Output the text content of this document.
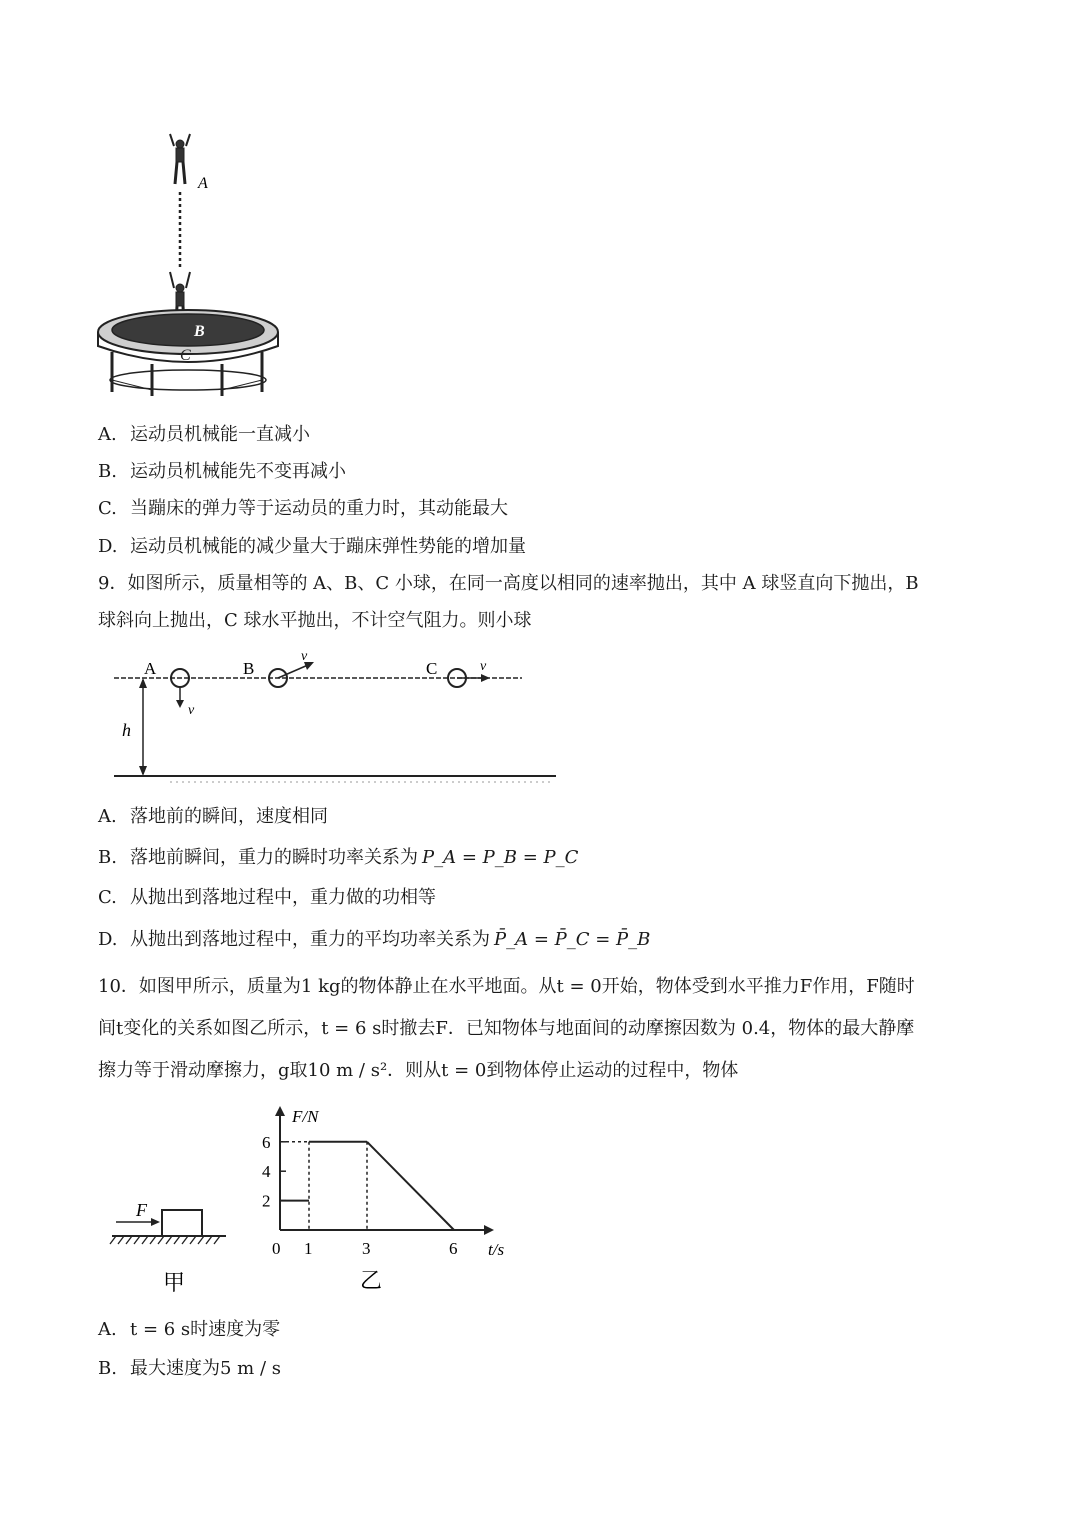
A
B
C
A. 运动员机械能一直减小
B. 运动员机械能先不变再减小
C. 当蹦床的弹力等于运动员的重力时，其动能最大
D. 运动员机械能的减少量大于蹦床弹性势能的增加量
9．如图所示，质量相等的 A、B、C 小球，在同一高度以相同的速率抛出，其中 A 球竖直向下抛出，B
球斜向上抛出，C 球水平抛出，不计空气阻力。则小球
h
A
v
B
v
C	v
A. 落地前的瞬间，速度相同
B. 落地前瞬间，重力的瞬时功率关系为 P_A = P_B = P_C
C. 从抛出到落地过程中，重力做的功相等
D. 从抛出到落地过程中，重力的平均功率关系为 P̄_A = P̄_C = P̄_B
10．如图甲所示，质量为1 kg的物体静止在水平地面。从t = 0开始，物体受到水平推力F作用，F随时
间t变化的关系如图乙所示，t = 6 s时撤去F．已知物体与地面间的动摩擦因数为 0.4，物体的最大静摩
擦力等于滑动摩擦力，g取10 m / s²．则从t = 0到物体停止运动的过程中，物体
F
甲
F/N
t/s
2
4
6
0 1	3	6
乙
A. t = 6 s时速度为零
B. 最大速度为5 m / s
